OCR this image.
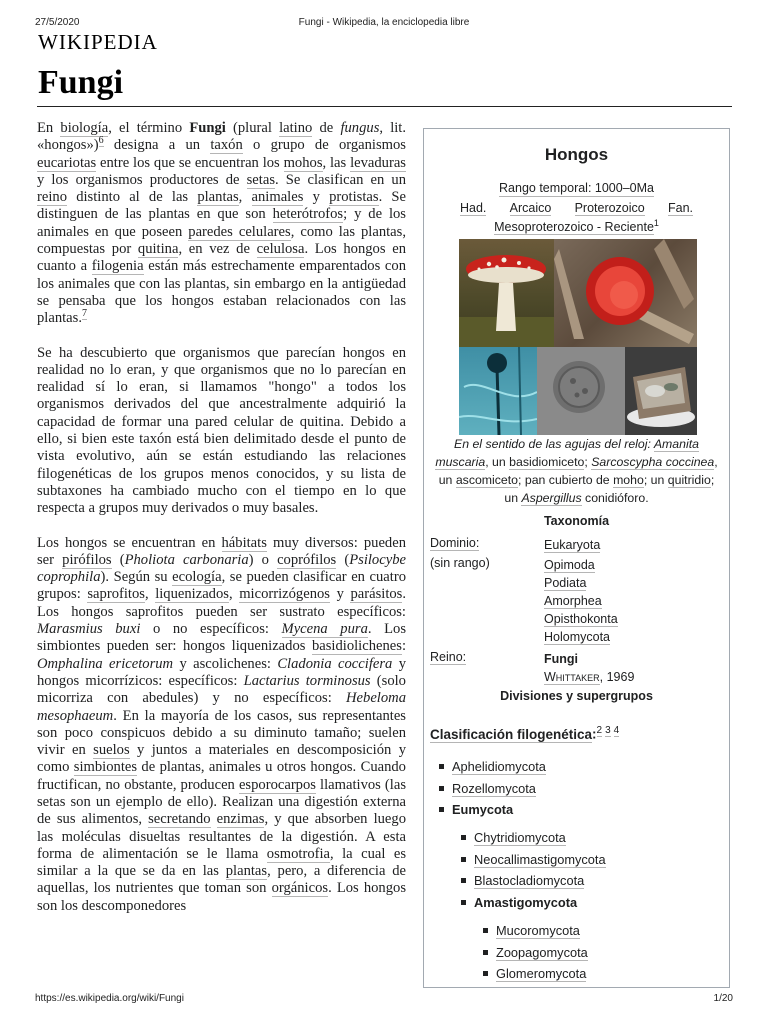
27/5/2020	Fungi - Wikipedia, la enciclopedia libre
WIKIPEDIA
Fungi

En biología, el término Fungi (plural latino de fungus, lit. «hongos»)$^6$ designa a un taxón o grupo de organismos eucariotas entre los que se encuentran los mohos, las levaduras y los organismos productores de setas. Se clasifican en un reino distinto al de las plantas, animales y protistas. Se distinguen de las plantas en que son heterótrofos; y de los animales en que poseen paredes celulares, como las plantas, compuestas por quitina, en vez de celulosa. Los hongos en cuanto a filogenia están más estrechamente emparentados con los animales que con las plantas, sin embargo en la antigüedad se pensaba que los hongos estaban relacionados con las plantas.$^7$

Se ha descubierto que organismos que parecían hongos en realidad no lo eran, y que organismos que no lo parecían en realidad sí lo eran, si llamamos "hongo" a todos los organismos derivados del que ancestralmente adquirió la capacidad de formar una pared celular de quitina. Debido a ello, si bien este taxón está bien delimitado desde el punto de vista evolutivo, aún se están estudiando las relaciones filogenéticas de los grupos menos conocidos, y su lista de subtaxones ha cambiado mucho con el tiempo en lo que respecta a grupos muy derivados o muy basales.

Los hongos se encuentran en hábitats muy diversos: pueden ser pirófilos (Pholiota carbonaria) o coprófilos (Psilocybe coprophila). Según su ecología, se pueden clasificar en cuatro grupos: saprofitos, liquenizados, micorrizógenos y parásitos. Los hongos saprofitos pueden ser sustrato específicos: Marasmius buxi o no específicos: Mycena pura. Los simbiontes pueden ser: hongos liquenizados basidiolichenes: Omphalina ericetorum y ascolichenes: Cladonia coccifera y hongos micorrízicos: específicos: Lactarius torminosus (solo micorriza con abedules) y no específicos: Hebeloma mesophaeum. En la mayoría de los casos, sus representantes son poco conspicuos debido a su diminuto tamaño; suelen vivir en suelos y juntos a materiales en descomposición y como simbiontes de plantas, animales u otros hongos. Cuando fructifican, no obstante, producen esporocarpos llamativos (las setas son un ejemplo de ello). Realizan una digestión externa de sus alimentos, secretando enzimas, y que absorben luego las moléculas disueltas resultantes de la digestión. A esta forma de alimentación se le llama osmotrofia, la cual es similar a la que se da en las plantas, pero, a diferencia de aquellas, los nutrientes que toman son orgánicos. Los hongos son los descomponedores

Hongos
Rango temporal: 1000–0Ma
Had. Arcaico Proterozoico Fan.
Mesoproterozoico - Reciente$^1$
En el sentido de las agujas del reloj: Amanita muscaria, un basidiomiceto; Sarcoscypha coccinea, un ascomiceto; pan cubierto de moho; un quitridio; un Aspergillus conidióforo.
Taxonomía
Dominio:	Eukaryota
(sin rango)	Opimoda
Podiata
Amorphea
Opisthokonta
Holomycota
Reino:	Fungi
Whittaker, 1969
Divisiones y supergrupos
Clasificación filogenética:$^{2 3 4}$
Aphelidiomycota
Rozellomycota
Eumycota
Chytridiomycota
Neocallimastigomycota
Blastocladiomycota
Amastigomycota
Mucoromycota
Zoopagomycota
Glomeromycota
https://es.wikipedia.org/wiki/Fungi	1/20
